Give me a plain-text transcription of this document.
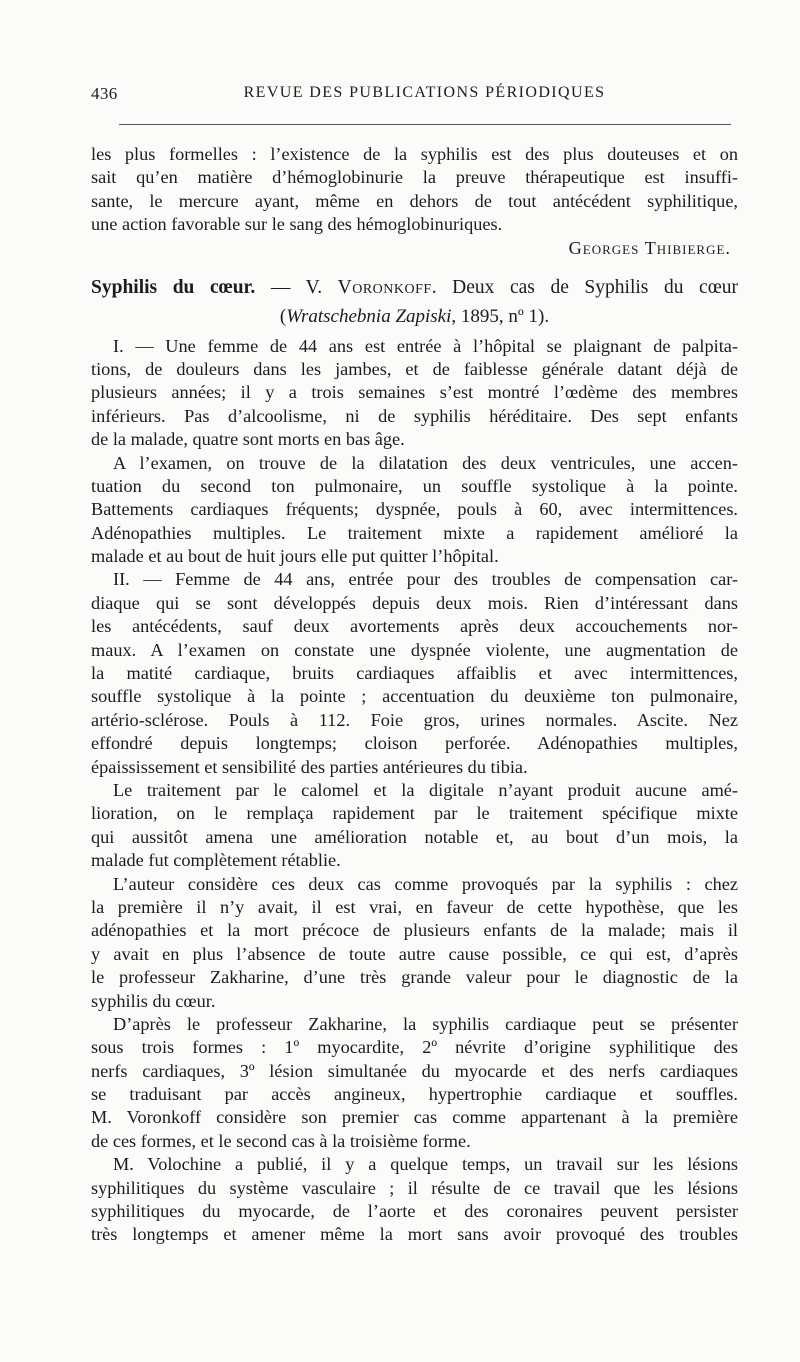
436	REVUE DES PUBLICATIONS PÉRIODIQUES
les plus formelles : l’existence de la syphilis est des plus douteuses et on
sait qu’en matière d’hémoglobinurie la preuve thérapeutique est insuffi-
sante, le mercure ayant, même en dehors de tout antécédent syphilitique,
une action favorable sur le sang des hémoglobinuriques.
Georges Thibierge.
Syphilis du cœur. — V. Voronkoff. Deux cas de Syphilis du cœur
(Wratschebnia Zapiski, 1895, nº 1).
I. — Une femme de 44 ans est entrée à l’hôpital se plaignant de palpita-
tions, de douleurs dans les jambes, et de faiblesse générale datant déjà de
plusieurs années; il y a trois semaines s’est montré l’œdème des membres
inférieurs. Pas d’alcoolisme, ni de syphilis héréditaire. Des sept enfants
de la malade, quatre sont morts en bas âge.
A l’examen, on trouve de la dilatation des deux ventricules, une accen-
tuation du second ton pulmonaire, un souffle systolique à la pointe.
Battements cardiaques fréquents; dyspnée, pouls à 60, avec intermittences.
Adénopathies multiples. Le traitement mixte a rapidement amélioré la
malade et au bout de huit jours elle put quitter l’hôpital.
II. — Femme de 44 ans, entrée pour des troubles de compensation car-
diaque qui se sont développés depuis deux mois. Rien d’intéressant dans
les antécédents, sauf deux avortements après deux accouchements nor-
maux. A l’examen on constate une dyspnée violente, une augmentation de
la matité cardiaque, bruits cardiaques affaiblis et avec intermittences,
souffle systolique à la pointe ; accentuation du deuxième ton pulmonaire,
artério-sclérose. Pouls à 112. Foie gros, urines normales. Ascite. Nez
effondré depuis longtemps; cloison perforée. Adénopathies multiples,
épaississement et sensibilité des parties antérieures du tibia.
Le traitement par le calomel et la digitale n’ayant produit aucune amé-
lioration, on le remplaça rapidement par le traitement spécifique mixte
qui aussitôt amena une amélioration notable et, au bout d’un mois, la
malade fut complètement rétablie.
L’auteur considère ces deux cas comme provoqués par la syphilis : chez
la première il n’y avait, il est vrai, en faveur de cette hypothèse, que les
adénopathies et la mort précoce de plusieurs enfants de la malade; mais il
y avait en plus l’absence de toute autre cause possible, ce qui est, d’après
le professeur Zakharine, d’une très grande valeur pour le diagnostic de la
syphilis du cœur.
D’après le professeur Zakharine, la syphilis cardiaque peut se présenter
sous trois formes : 1º myocardite, 2º névrite d’origine syphilitique des
nerfs cardiaques, 3º lésion simultanée du myocarde et des nerfs cardiaques
se traduisant par accès angineux, hypertrophie cardiaque et souffles.
M. Voronkoff considère son premier cas comme appartenant à la première
de ces formes, et le second cas à la troisième forme.
M. Volochine a publié, il y a quelque temps, un travail sur les lésions
syphilitiques du système vasculaire ; il résulte de ce travail que les lésions
syphilitiques du myocarde, de l’aorte et des coronaires peuvent persister
très longtemps et amener même la mort sans avoir provoqué des troubles
